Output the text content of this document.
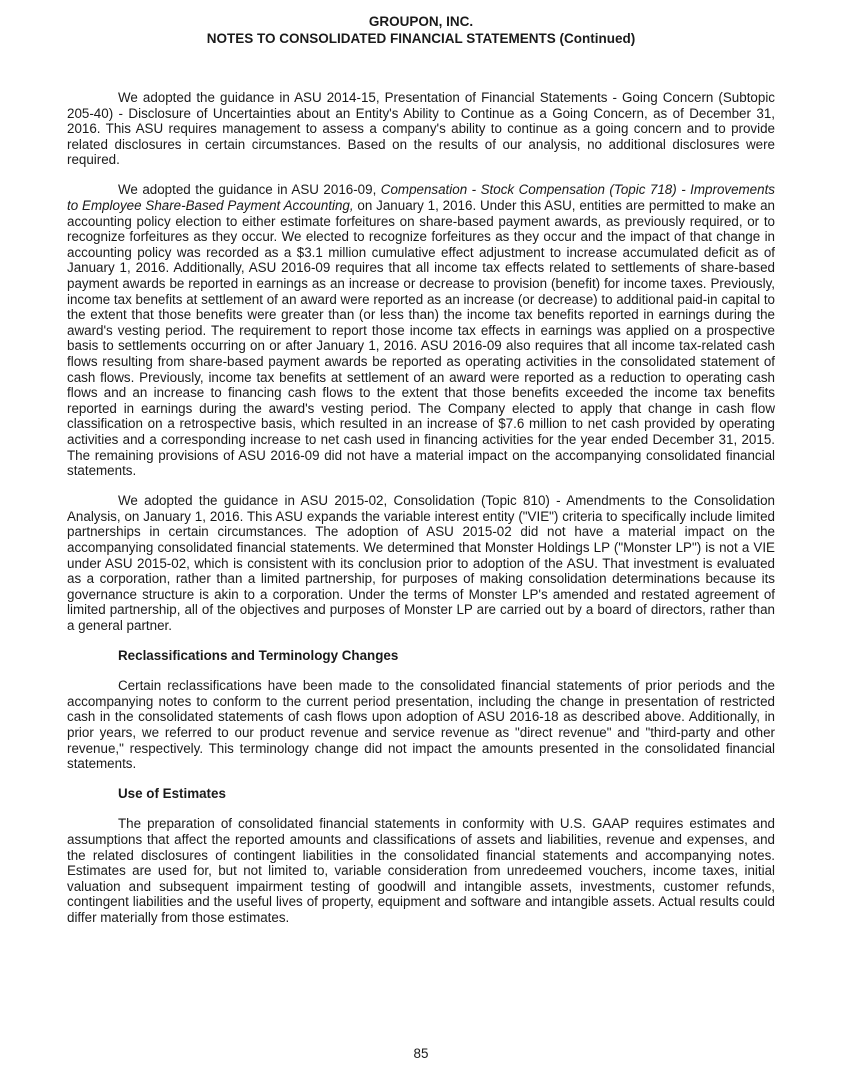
GROUPON, INC.
NOTES TO CONSOLIDATED FINANCIAL STATEMENTS (Continued)

We adopted the guidance in ASU 2014-15, Presentation of Financial Statements - Going Concern (Subtopic 205-40) - Disclosure of Uncertainties about an Entity's Ability to Continue as a Going Concern, as of December 31, 2016. This ASU requires management to assess a company's ability to continue as a going concern and to provide related disclosures in certain circumstances. Based on the results of our analysis, no additional disclosures were required.

We adopted the guidance in ASU 2016-09, Compensation - Stock Compensation (Topic 718) - Improvements to Employee Share-Based Payment Accounting, on January 1, 2016. Under this ASU, entities are permitted to make an accounting policy election to either estimate forfeitures on share-based payment awards, as previously required, or to recognize forfeitures as they occur. We elected to recognize forfeitures as they occur and the impact of that change in accounting policy was recorded as a $3.1 million cumulative effect adjustment to increase accumulated deficit as of January 1, 2016. Additionally, ASU 2016-09 requires that all income tax effects related to settlements of share-based payment awards be reported in earnings as an increase or decrease to provision (benefit) for income taxes. Previously, income tax benefits at settlement of an award were reported as an increase (or decrease) to additional paid-in capital to the extent that those benefits were greater than (or less than) the income tax benefits reported in earnings during the award's vesting period. The requirement to report those income tax effects in earnings was applied on a prospective basis to settlements occurring on or after January 1, 2016. ASU 2016-09 also requires that all income tax-related cash flows resulting from share-based payment awards be reported as operating activities in the consolidated statement of cash flows. Previously, income tax benefits at settlement of an award were reported as a reduction to operating cash flows and an increase to financing cash flows to the extent that those benefits exceeded the income tax benefits reported in earnings during the award's vesting period. The Company elected to apply that change in cash flow classification on a retrospective basis, which resulted in an increase of $7.6 million to net cash provided by operating activities and a corresponding increase to net cash used in financing activities for the year ended December 31, 2015. The remaining provisions of ASU 2016-09 did not have a material impact on the accompanying consolidated financial statements.

We adopted the guidance in ASU 2015-02, Consolidation (Topic 810) - Amendments to the Consolidation Analysis, on January 1, 2016. This ASU expands the variable interest entity ("VIE") criteria to specifically include limited partnerships in certain circumstances. The adoption of ASU 2015-02 did not have a material impact on the accompanying consolidated financial statements. We determined that Monster Holdings LP ("Monster LP") is not a VIE under ASU 2015-02, which is consistent with its conclusion prior to adoption of the ASU. That investment is evaluated as a corporation, rather than a limited partnership, for purposes of making consolidation determinations because its governance structure is akin to a corporation. Under the terms of Monster LP's amended and restated agreement of limited partnership, all of the objectives and purposes of Monster LP are carried out by a board of directors, rather than a general partner.

Reclassifications and Terminology Changes

Certain reclassifications have been made to the consolidated financial statements of prior periods and the accompanying notes to conform to the current period presentation, including the change in presentation of restricted cash in the consolidated statements of cash flows upon adoption of ASU 2016-18 as described above. Additionally, in prior years, we referred to our product revenue and service revenue as "direct revenue" and "third-party and other revenue," respectively. This terminology change did not impact the amounts presented in the consolidated financial statements.

Use of Estimates

The preparation of consolidated financial statements in conformity with U.S. GAAP requires estimates and assumptions that affect the reported amounts and classifications of assets and liabilities, revenue and expenses, and the related disclosures of contingent liabilities in the consolidated financial statements and accompanying notes. Estimates are used for, but not limited to, variable consideration from unredeemed vouchers, income taxes, initial valuation and subsequent impairment testing of goodwill and intangible assets, investments, customer refunds, contingent liabilities and the useful lives of property, equipment and software and intangible assets. Actual results could differ materially from those estimates.

85
